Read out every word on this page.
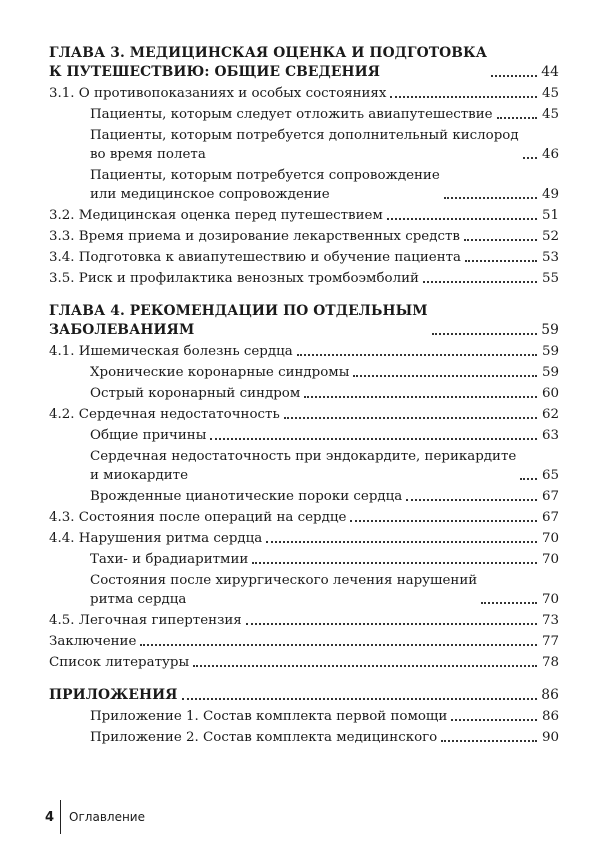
ГЛАВА 3. МЕДИЦИНСКАЯ ОЦЕНКА И ПОДГОТОВКА
К ПУТЕШЕСТВИЮ: ОБЩИЕ СВЕДЕНИЯ	44
3.1. О противопоказаниях и особых состояниях	45
Пациенты, которым следует отложить авиапутешествие	45
Пациенты, которым потребуется дополнительный кислород
во время полета	46
Пациенты, которым потребуется сопровождение
или медицинское сопровождение	49
3.2. Медицинская оценка перед путешествием	51
3.3. Время приема и дозирование лекарственных средств	52
3.4. Подготовка к авиапутешествию и обучение пациента	53
3.5. Риск и профилактика венозных тромбоэмболий	55
ГЛАВА 4. РЕКОМЕНДАЦИИ ПО ОТДЕЛЬНЫМ
ЗАБОЛЕВАНИЯМ	59
4.1. Ишемическая болезнь сердца	59
Хронические коронарные синдромы	59
Острый коронарный синдром	60
4.2. Сердечная недостаточность	62
Общие причины	63
Сердечная недостаточность при эндокардите, перикардите
и миокардите	65
Врожденные цианотические пороки сердца	67
4.3. Состояния после операций на сердце	67
4.4. Нарушения ритма сердца	70
Тахи- и брадиаритмии	70
Состояния после хирургического лечения нарушений
ритма сердца	70
4.5. Легочная гипертензия	73
Заключение	77
Список литературы	78
ПРИЛОЖЕНИЯ	86
Приложение 1. Состав комплекта первой помощи	86
Приложение 2. Состав комплекта медицинского	90
4	Оглавление
